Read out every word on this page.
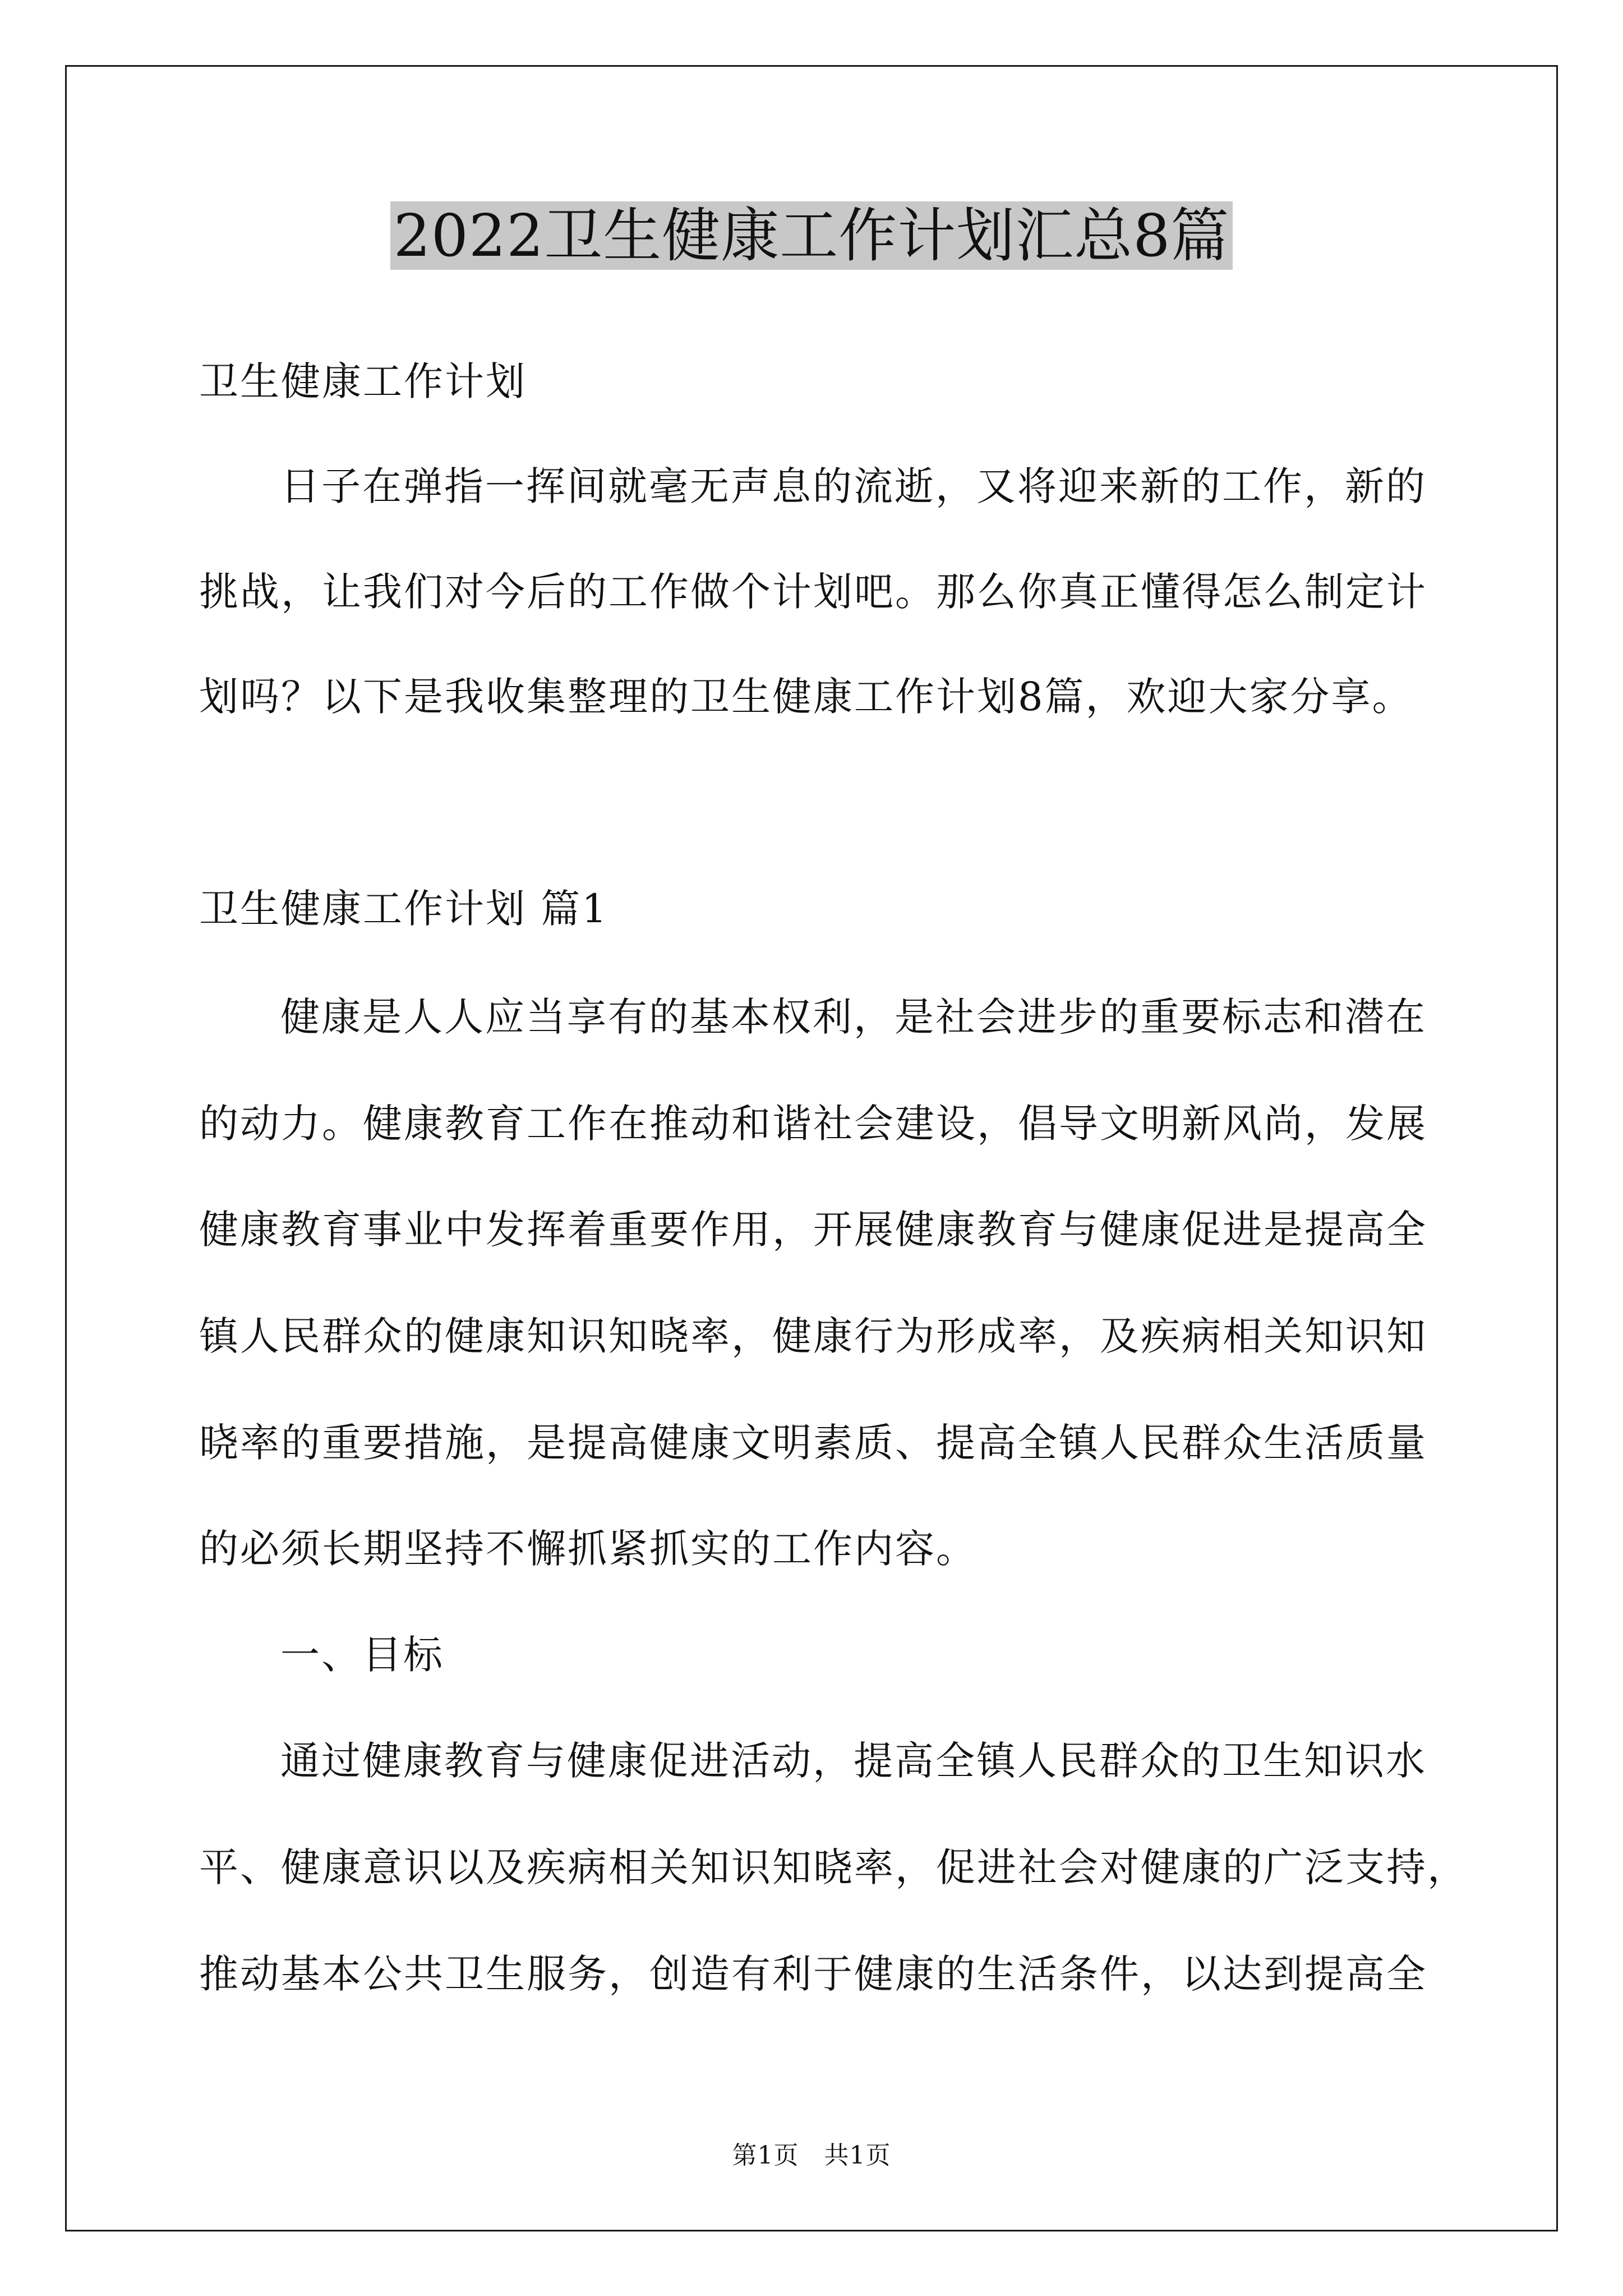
2022卫生健康工作计划汇总8篇
卫生健康工作计划
日子在弹指一挥间就毫无声息的流逝，又将迎来新的工作，新的
挑战，让我们对今后的工作做个计划吧。那么你真正懂得怎么制定计
划吗？以下是我收集整理的卫生健康工作计划8篇，欢迎大家分享。
卫生健康工作计划 篇1
健康是人人应当享有的基本权利，是社会进步的重要标志和潜在
的动力。健康教育工作在推动和谐社会建设，倡导文明新风尚，发展
健康教育事业中发挥着重要作用，开展健康教育与健康促进是提高全
镇人民群众的健康知识知晓率，健康行为形成率，及疾病相关知识知
晓率的重要措施，是提高健康文明素质、提高全镇人民群众生活质量
的必须长期坚持不懈抓紧抓实的工作内容。
一、目标
通过健康教育与健康促进活动，提高全镇人民群众的卫生知识水
平、健康意识以及疾病相关知识知晓率，促进社会对健康的广泛支持，
推动基本公共卫生服务，创造有利于健康的生活条件，以达到提高全
第1页　共1页
